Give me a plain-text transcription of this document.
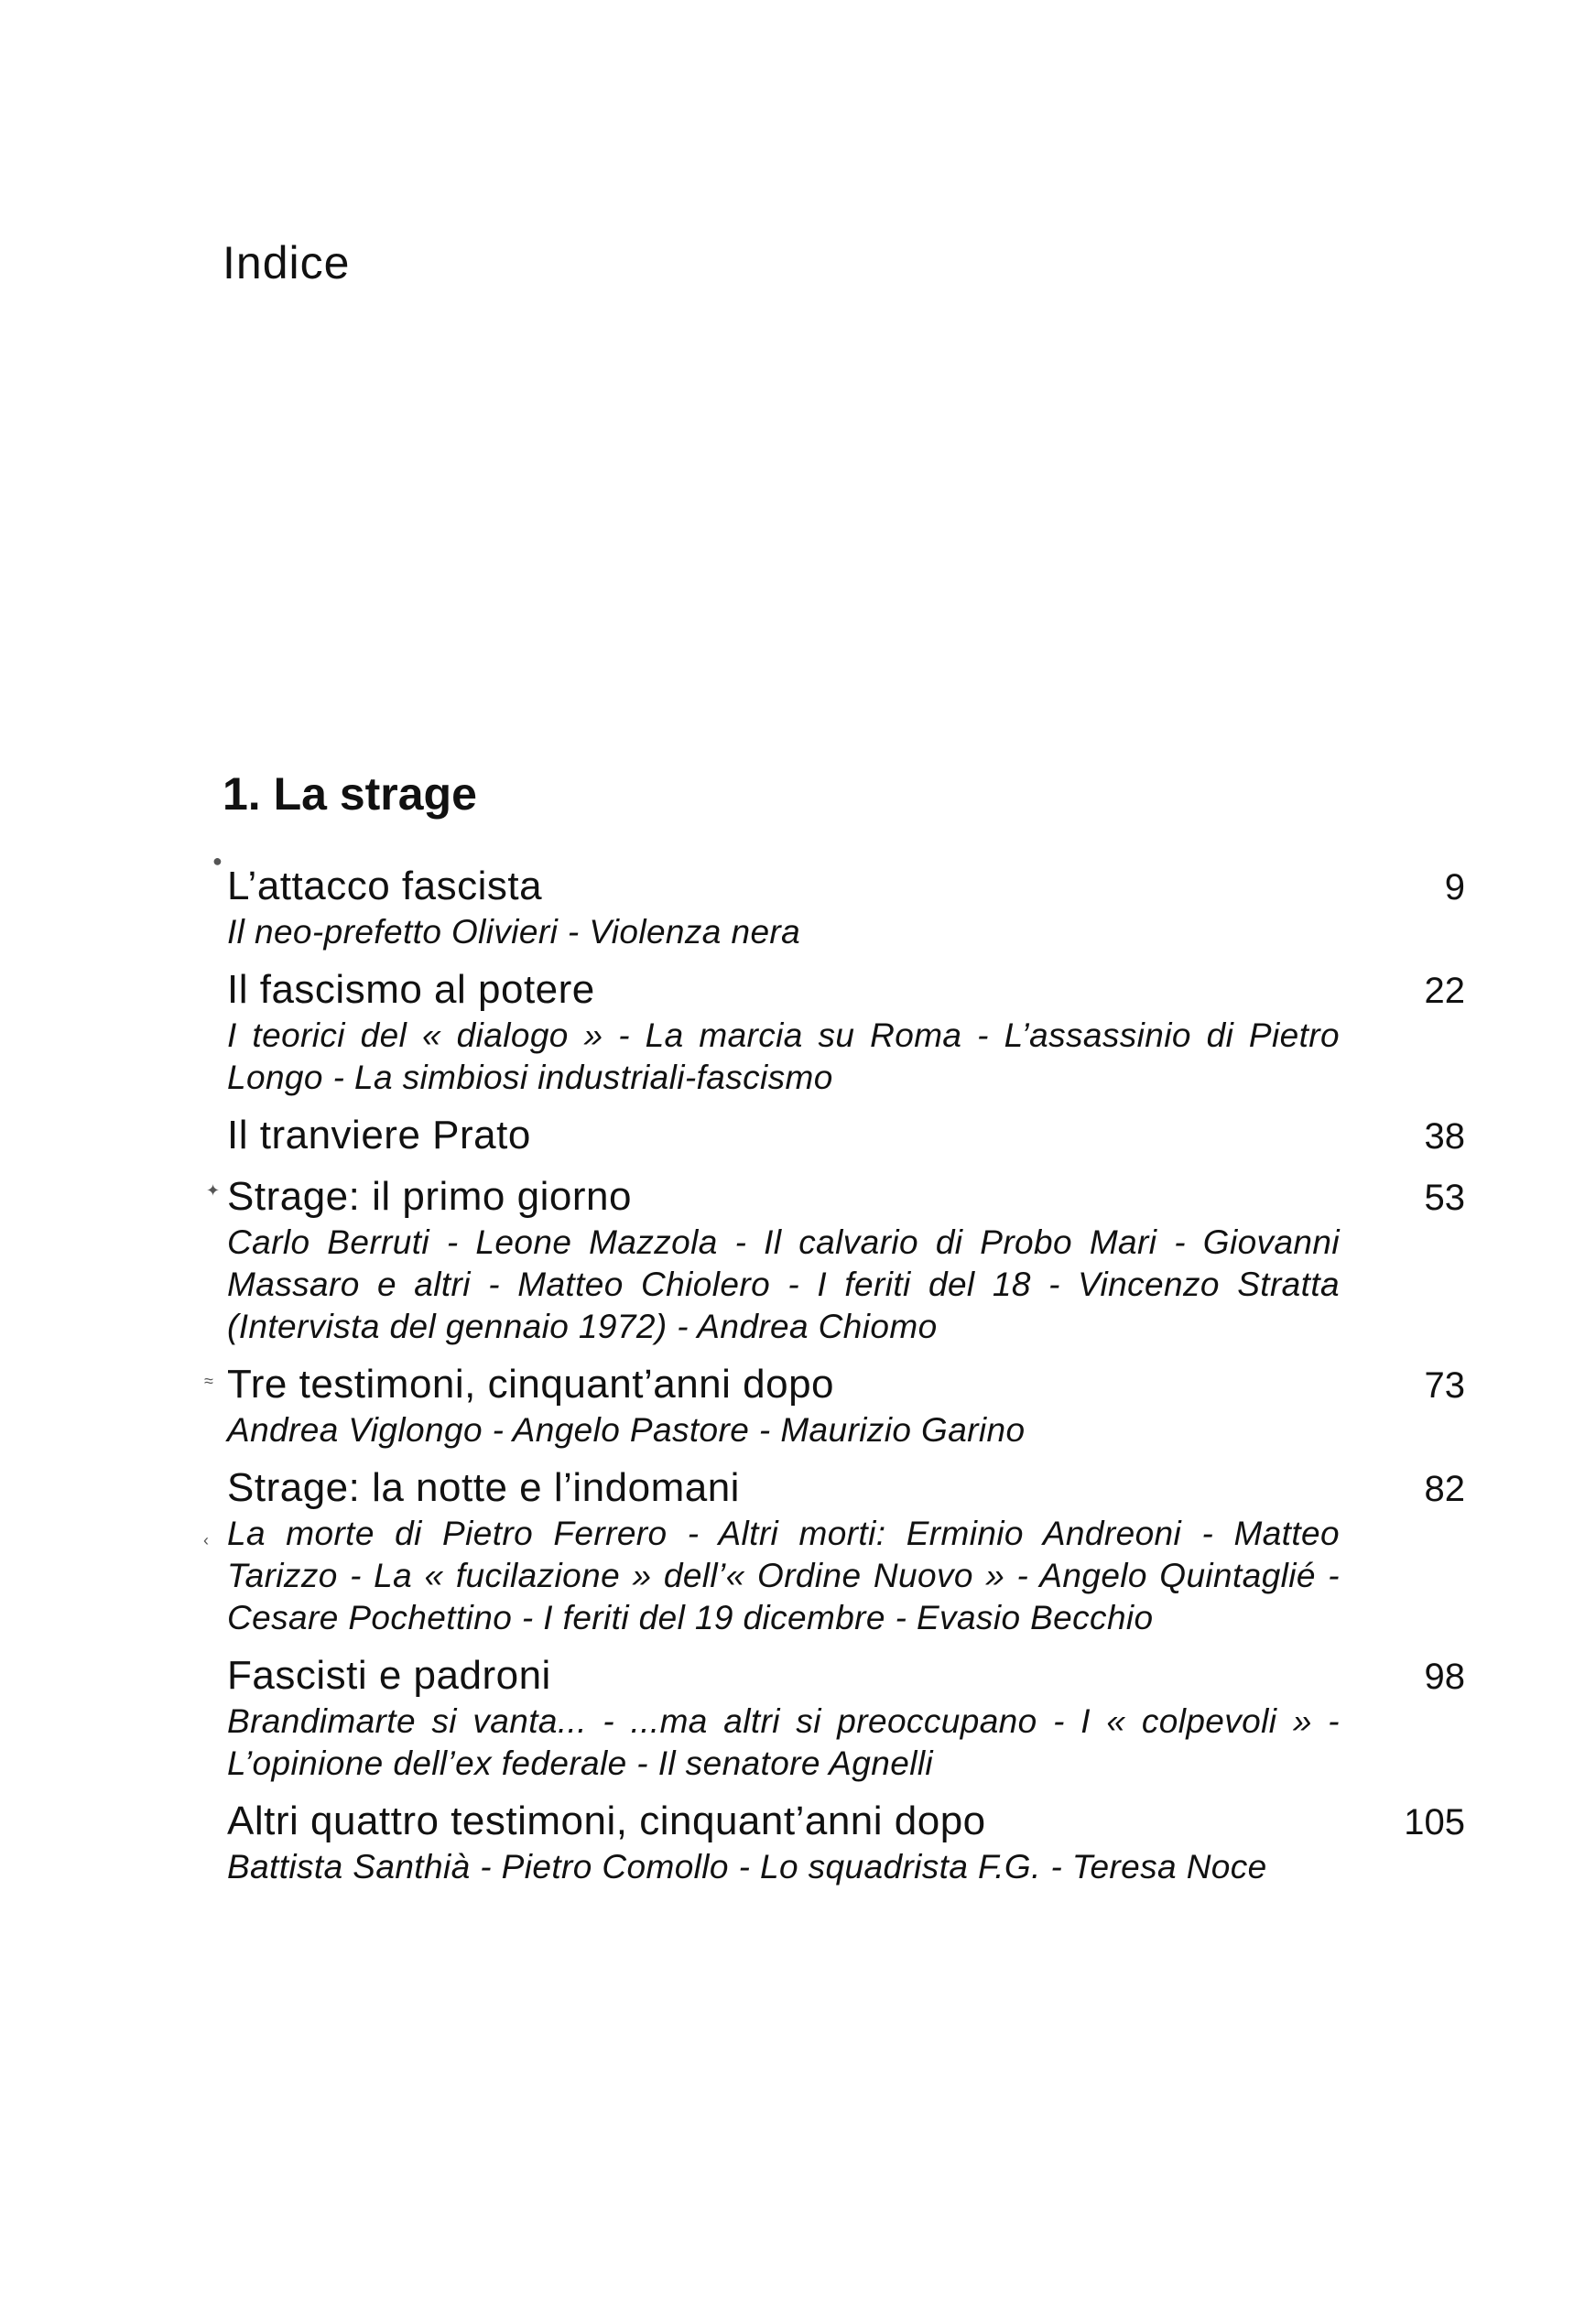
Indice
1. La strage
L’attacco fascista	9
Il neo-prefetto Olivieri - Violenza nera
Il fascismo al potere	22
I teorici del « dialogo » - La marcia su Roma - L’assassinio di Pietro Longo - La simbiosi industriali-fascismo
Il tranviere Prato	38
Strage: il primo giorno	53
Carlo Berruti - Leone Mazzola - Il calvario di Probo Mari - Giovanni Massaro e altri - Matteo Chiolero - I feriti del 18 - Vincenzo Stratta (Intervista del gennaio 1972) - Andrea Chiomo
Tre testimoni, cinquant’anni dopo	73
Andrea Viglongo - Angelo Pastore - Maurizio Garino
Strage: la notte e l’indomani	82
La morte di Pietro Ferrero - Altri morti: Erminio Andreoni - Matteo Tarizzo - La « fucilazione » dell’« Ordine Nuovo » - Angelo Quintaglié - Cesare Pochettino - I feriti del 19 dicembre - Evasio Becchio
Fascisti e padroni	98
Brandimarte si vanta... - ...ma altri si preoccupano - I « colpevoli » - L’opinione dell’ex federale - Il senatore Agnelli
Altri quattro testimoni, cinquant’anni dopo	105
Battista Santhià - Pietro Comollo - Lo squadrista F.G. - Teresa Noce
●
✦
≈
‹
